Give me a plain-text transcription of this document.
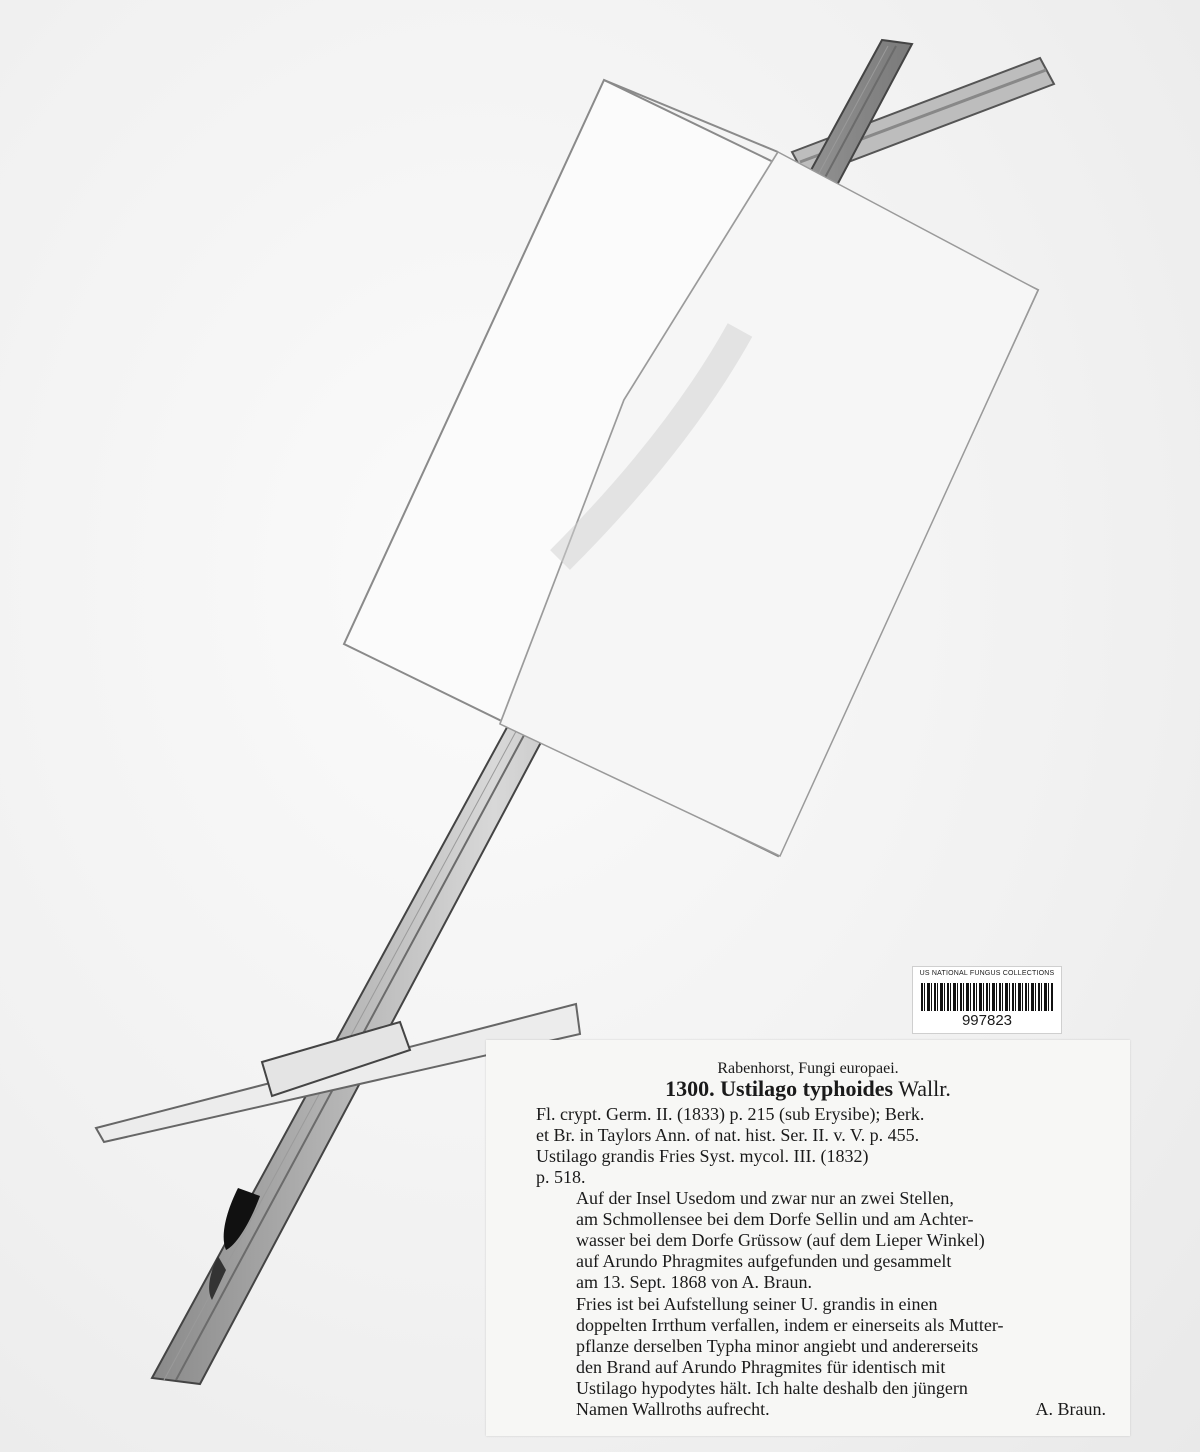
US NATIONAL FUNGUS COLLECTIONS
997823
Rabenhorst, Fungi europaei.
1300. Ustilago typhoides Wallr.
Fl. crypt. Germ. II. (1833) p. 215 (sub Erysibe); Berk.
et Br. in Taylors Ann. of nat. hist. Ser. II. v. V. p. 455.
Ustilago grandis Fries Syst. mycol. III. (1832)
p. 518.
Auf der Insel Usedom und zwar nur an zwei Stellen,
am Schmollensee bei dem Dorfe Sellin und am Achter-
wasser bei dem Dorfe Grüssow (auf dem Lieper Winkel)
auf Arundo Phragmites aufgefunden und gesammelt
am 13. Sept. 1868 von A. Braun.
Fries ist bei Aufstellung seiner U. grandis in einen
doppelten Irrthum verfallen, indem er einerseits als Mutter-
pflanze derselben Typha minor angiebt und andererseits
den Brand auf Arundo Phragmites für identisch mit
Ustilago hypodytes hält. Ich halte deshalb den jüngern
Namen Wallroths aufrecht.	A. Braun.
